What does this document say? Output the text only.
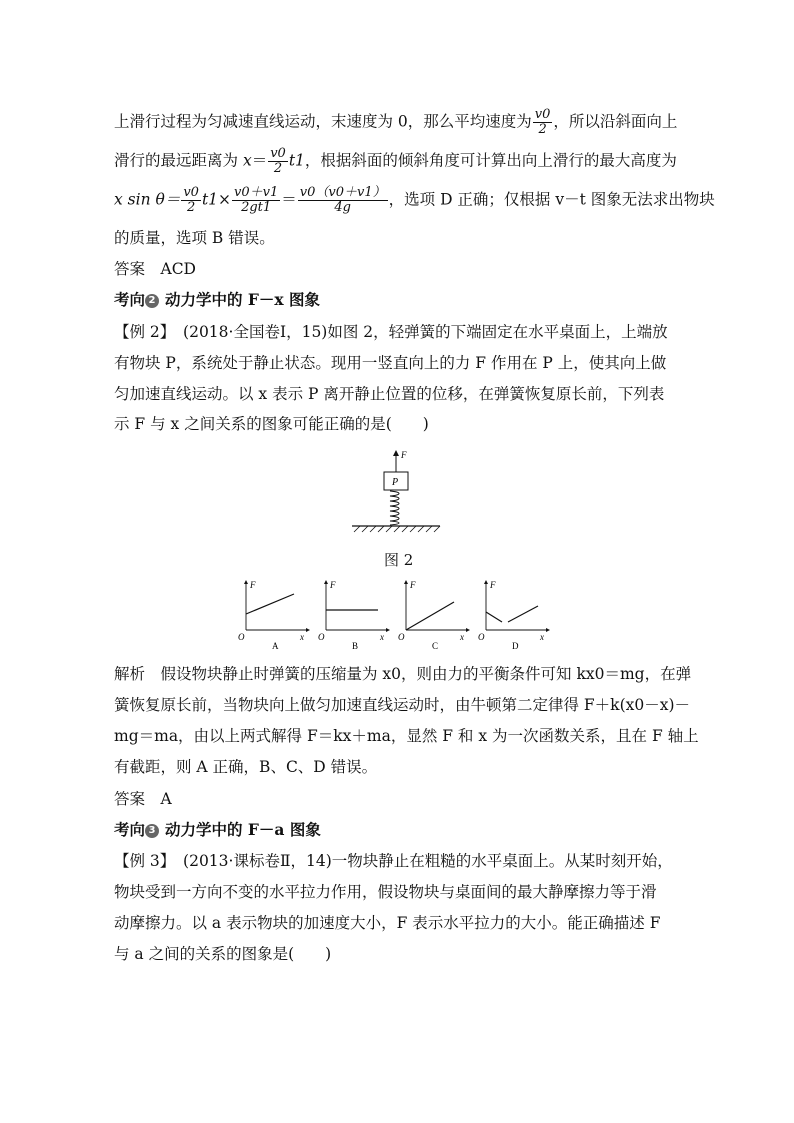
上滑行过程为匀减速直线运动，末速度为 0，那么平均速度为 $\frac{v0}{2}$ ，所以沿斜面向上
滑行的最远距离为 $x= \frac{v0}{2} t1$，根据斜面的倾斜角度可计算出向上滑行的最大高度为
x $\sin \theta= \frac{v0}{2} t1\times \frac{v0+v1}{2gt1} = \frac{v0(v0+v1)}{4g}$ ，选项 D 正确；仅根据 v－t 图象无法求出物块
的质量，选项 B 错误。
答案　ACD
考向 2 动力学中的 F－x 图象
【例 2】　(2018·全国卷Ⅰ，15)如图 2，轻弹簧的下端固定在水平桌面上，上端放
有物块 P，系统处于静止状态。现用一竖直向上的力 F 作用在 P 上，使其向上做
匀加速直线运动。以 x 表示 P 离开静止位置的位移，在弹簧恢复原长前，下列表
示 F 与 x 之间关系的图象可能正确的是(　　)
F
P
图 2
F
O	x
A
F
O	x
B
F
O	x
C
F
O	x
D
解析　假设物块静止时弹簧的压缩量为 x0，则由力的平衡条件可知 kx0＝mg，在弹
簧恢复原长前，当物块向上做匀加速直线运动时，由牛顿第二定律得 F＋k(x0－x)－
mg＝ma，由以上两式解得 F＝kx＋ma，显然 F 和 x 为一次函数关系，且在 F 轴上
有截距，则 A 正确，B、C、D 错误。
答案　A
考向 3 动力学中的 F－a 图象
【例 3】　(2013·课标卷Ⅱ，14)一物块静止在粗糙的水平桌面上。从某时刻开始，
物块受到一方向不变的水平拉力作用，假设物块与桌面间的最大静摩擦力等于滑
动摩擦力。以 a 表示物块的加速度大小，F 表示水平拉力的大小。能正确描述 F
与 a 之间的关系的图象是(　　)
